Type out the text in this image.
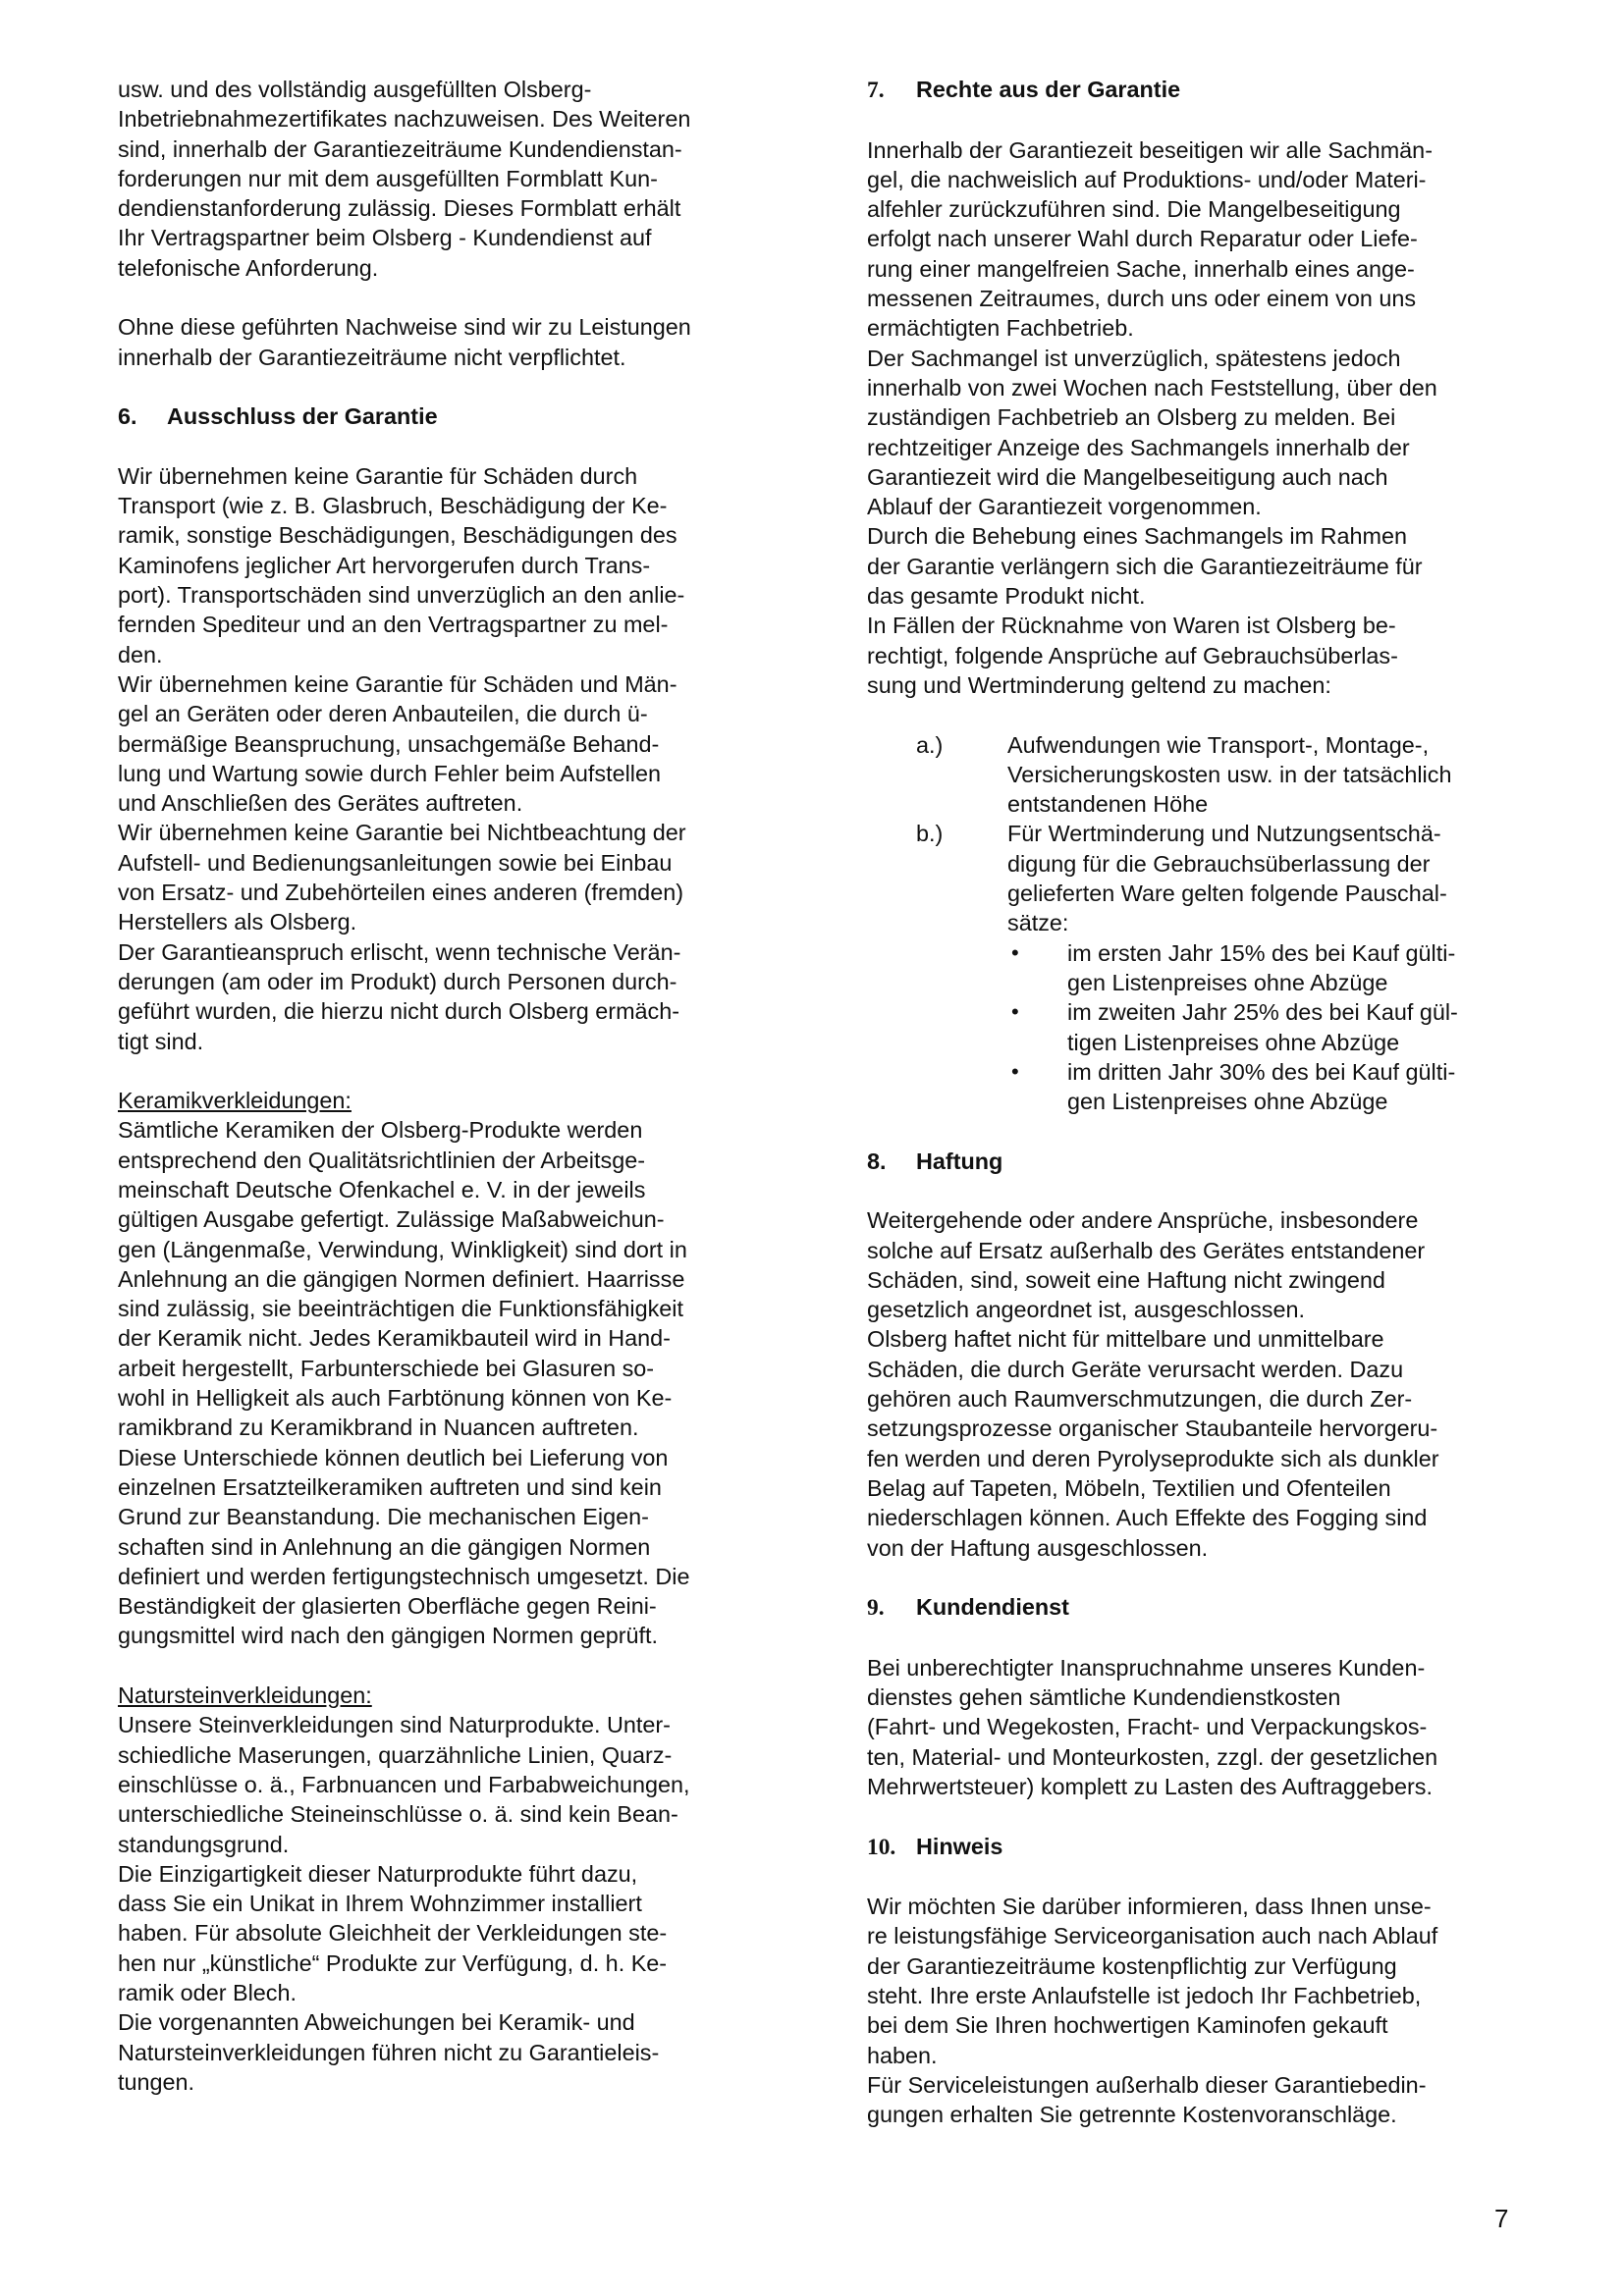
usw. und des vollständig ausgefüllten Olsberg-

Inbetriebnahmezertifikates nachzuweisen. Des Weiteren

sind, innerhalb der Garantiezeiträume Kundendienstan-

forderungen nur mit dem ausgefüllten Formblatt Kun-

dendienstanforderung zulässig. Dieses Formblatt erhält

Ihr Vertragspartner beim Olsberg - Kundendienst auf

telefonische Anforderung.

Ohne diese geführten Nachweise sind wir zu Leistungen

innerhalb der Garantiezeiträume nicht verpflichtet.

6. Ausschluss der Garantie

Wir übernehmen keine Garantie für Schäden durch

Transport (wie z. B. Glasbruch, Beschädigung der Ke-

ramik, sonstige Beschädigungen, Beschädigungen des

Kaminofens jeglicher Art hervorgerufen durch Trans-

port). Transportschäden sind unverzüglich an den anlie-

fernden Spediteur und an den Vertragspartner zu mel-

den.

Wir übernehmen keine Garantie für Schäden und Män-

gel an Geräten oder deren Anbauteilen, die durch ü-

bermäßige Beanspruchung, unsachgemäße Behand-

lung und Wartung sowie durch Fehler beim Aufstellen

und Anschließen des Gerätes auftreten.

Wir übernehmen keine Garantie bei Nichtbeachtung der

Aufstell- und Bedienungsanleitungen sowie bei Einbau

von Ersatz- und Zubehörteilen eines anderen (fremden)

Herstellers als Olsberg.

Der Garantieanspruch erlischt, wenn technische Verän-

derungen (am oder im Produkt) durch Personen durch-

geführt wurden, die hierzu nicht durch Olsberg ermäch-

tigt sind.

Keramikverkleidungen:

Sämtliche Keramiken der Olsberg-Produkte werden

entsprechend den Qualitätsrichtlinien der Arbeitsge-

meinschaft Deutsche Ofenkachel e. V. in der jeweils

gültigen Ausgabe gefertigt. Zulässige Maßabweichun-

gen (Längenmaße, Verwindung, Winkligkeit) sind dort in

Anlehnung an die gängigen Normen definiert. Haarrisse

sind zulässig, sie beeinträchtigen die Funktionsfähigkeit

der Keramik nicht. Jedes Keramikbauteil wird in Hand-

arbeit hergestellt, Farbunterschiede bei Glasuren so-

wohl in Helligkeit als auch Farbtönung können von Ke-

ramikbrand zu Keramikbrand in Nuancen auftreten.

Diese Unterschiede können deutlich bei Lieferung von

einzelnen Ersatzteilkeramiken auftreten und sind kein

Grund zur Beanstandung. Die mechanischen Eigen-

schaften sind in Anlehnung an die gängigen Normen

definiert und werden fertigungstechnisch umgesetzt. Die

Beständigkeit der glasierten Oberfläche gegen Reini-

gungsmittel wird nach den gängigen Normen geprüft.

Natursteinverkleidungen:

Unsere Steinverkleidungen sind Naturprodukte. Unter-

schiedliche Maserungen, quarzähnliche Linien, Quarz-

einschlüsse o. ä., Farbnuancen und Farbabweichungen,

unterschiedliche Steineinschlüsse o. ä. sind kein Bean-

standungsgrund.

Die Einzigartigkeit dieser Naturprodukte führt dazu,

dass Sie ein Unikat in Ihrem Wohnzimmer installiert

haben. Für absolute Gleichheit der Verkleidungen ste-

hen nur „künstliche“ Produkte zur Verfügung, d. h. Ke-

ramik oder Blech.

Die vorgenannten Abweichungen bei Keramik- und

Natursteinverkleidungen führen nicht zu Garantieleis-

tungen.

7. Rechte aus der Garantie

Innerhalb der Garantiezeit beseitigen wir alle Sachmän-

gel, die nachweislich auf Produktions- und/oder Materi-

alfehler zurückzuführen sind. Die Mangelbeseitigung

erfolgt nach unserer Wahl durch Reparatur oder Liefe-

rung einer mangelfreien Sache, innerhalb eines ange-

messenen Zeitraumes, durch uns oder einem von uns

ermächtigten Fachbetrieb.

Der Sachmangel ist unverzüglich, spätestens jedoch

innerhalb von zwei Wochen nach Feststellung, über den

zuständigen Fachbetrieb an Olsberg zu melden. Bei

rechtzeitiger Anzeige des Sachmangels innerhalb der

Garantiezeit wird die Mangelbeseitigung auch nach

Ablauf der Garantiezeit vorgenommen.

Durch die Behebung eines Sachmangels im Rahmen

der Garantie verlängern sich die Garantiezeiträume für

das gesamte Produkt nicht.

In Fällen der Rücknahme von Waren ist Olsberg be-

rechtigt, folgende Ansprüche auf Gebrauchsüberlas-

sung und Wertminderung geltend zu machen:

a.)	Aufwendungen wie Transport-, Montage-,

Versicherungskosten usw. in der tatsächlich

entstandenen Höhe

b.)	Für Wertminderung und Nutzungsentschä-

digung für die Gebrauchsüberlassung der

gelieferten Ware gelten folgende Pauschal-

sätze:

•	im ersten Jahr 15% des bei Kauf gülti-

gen Listenpreises ohne Abzüge

•	im zweiten Jahr 25% des bei Kauf gül-

tigen Listenpreises ohne Abzüge

•	im dritten Jahr 30% des bei Kauf gülti-

gen Listenpreises ohne Abzüge

8. Haftung

Weitergehende oder andere Ansprüche, insbesondere

solche auf Ersatz außerhalb des Gerätes entstandener

Schäden, sind, soweit eine Haftung nicht zwingend

gesetzlich angeordnet ist, ausgeschlossen.

Olsberg haftet nicht für mittelbare und unmittelbare

Schäden, die durch Geräte verursacht werden. Dazu

gehören auch Raumverschmutzungen, die durch Zer-

setzungsprozesse organischer Staubanteile hervorgeru-

fen werden und deren Pyrolyseprodukte sich als dunkler

Belag auf Tapeten, Möbeln, Textilien und Ofenteilen

niederschlagen können. Auch Effekte des Fogging sind

von der Haftung ausgeschlossen.

9. Kundendienst

Bei unberechtigter Inanspruchnahme unseres Kunden-

dienstes gehen sämtliche Kundendienstkosten

(Fahrt- und Wegekosten, Fracht- und Verpackungskos-

ten, Material- und Monteurkosten, zzgl. der gesetzlichen

Mehrwertsteuer) komplett zu Lasten des Auftraggebers.

10. Hinweis

Wir möchten Sie darüber informieren, dass Ihnen unse-

re leistungsfähige Serviceorganisation auch nach Ablauf

der Garantiezeiträume kostenpflichtig zur Verfügung

steht. Ihre erste Anlaufstelle ist jedoch Ihr Fachbetrieb,

bei dem Sie Ihren hochwertigen Kaminofen gekauft

haben.

Für Serviceleistungen außerhalb dieser Garantiebedin-

gungen erhalten Sie getrennte Kostenvoranschläge.

7
